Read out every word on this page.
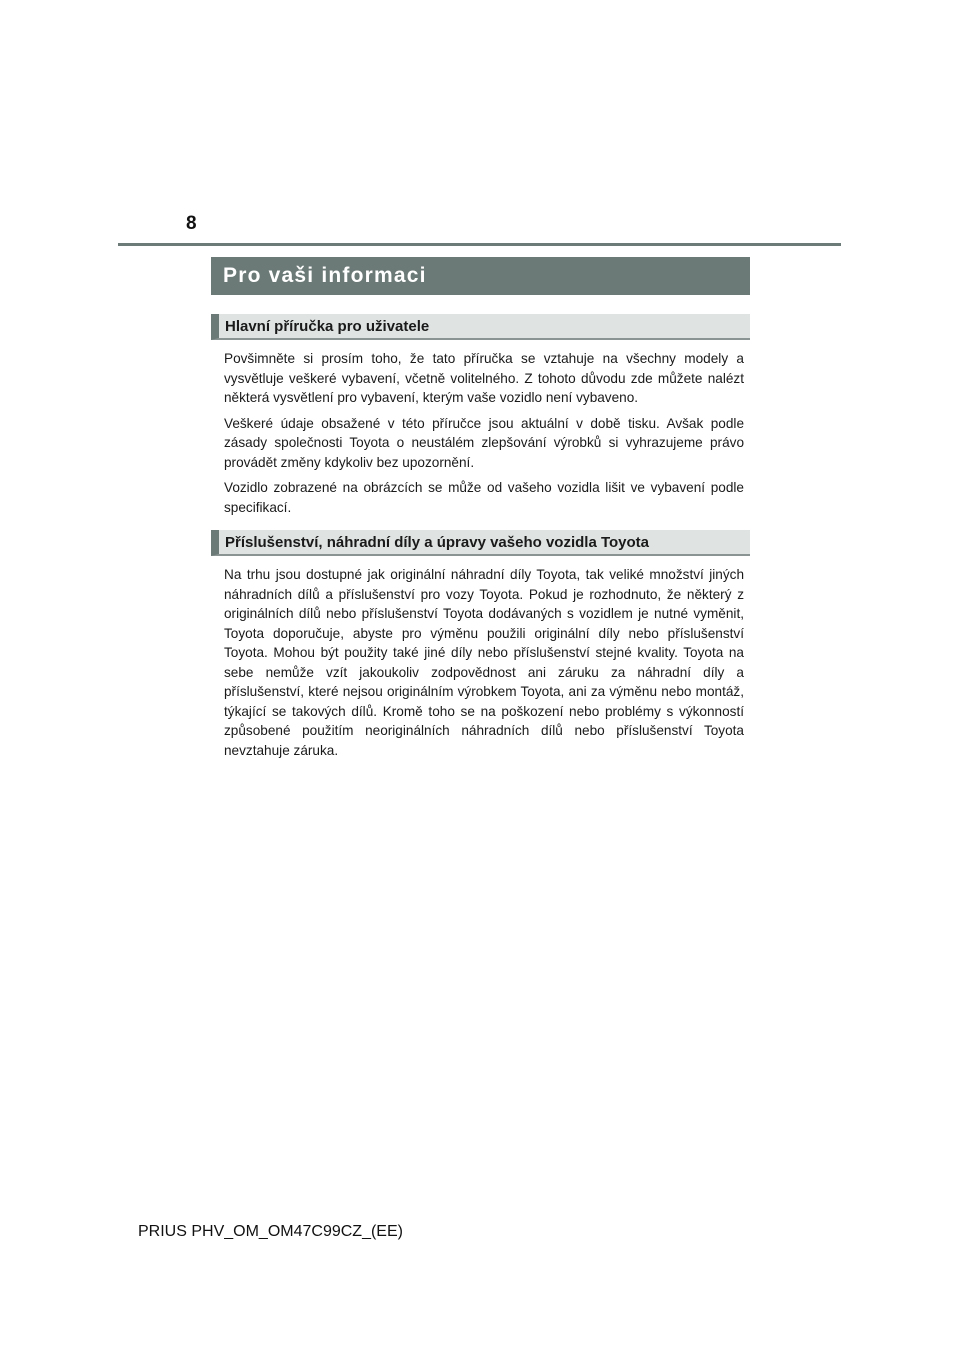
8
Pro vaši informaci
Hlavní příručka pro uživatele

Povšimněte si prosím toho, že tato příručka se vztahuje na všechny modely a vysvětluje veškeré vybavení, včetně volitelného. Z tohoto důvodu zde můžete nalézt některá vysvětlení pro vybavení, kterým vaše vozidlo není vybaveno.

Veškeré údaje obsažené v této příručce jsou aktuální v době tisku. Avšak podle zásady společnosti Toyota o neustálém zlepšování výrobků si vyhrazujeme právo provádět změny kdykoliv bez upozornění.

Vozidlo zobrazené na obrázcích se může od vašeho vozidla lišit ve vybavení podle specifikací.

Příslušenství, náhradní díly a úpravy vašeho vozidla Toyota

Na trhu jsou dostupné jak originální náhradní díly Toyota, tak veliké množství jiných náhradních dílů a příslušenství pro vozy Toyota. Pokud je rozhodnuto, že některý z originálních dílů nebo příslušenství Toyota dodávaných s vozidlem je nutné vyměnit, Toyota doporučuje, abyste pro výměnu použili originální díly nebo příslušenství Toyota. Mohou být použity také jiné díly nebo příslušenství stejné kvality. Toyota na sebe nemůže vzít jakoukoliv zodpovědnost ani záruku za náhradní díly a příslušenství, které nejsou originálním výrobkem Toyota, ani za výměnu nebo montáž, týkající se takových dílů. Kromě toho se na poškození nebo problémy s výkonností způsobené použitím neoriginálních náhradních dílů nebo příslušenství Toyota nevztahuje záruka.

PRIUS PHV_OM_OM47C99CZ_(EE)
